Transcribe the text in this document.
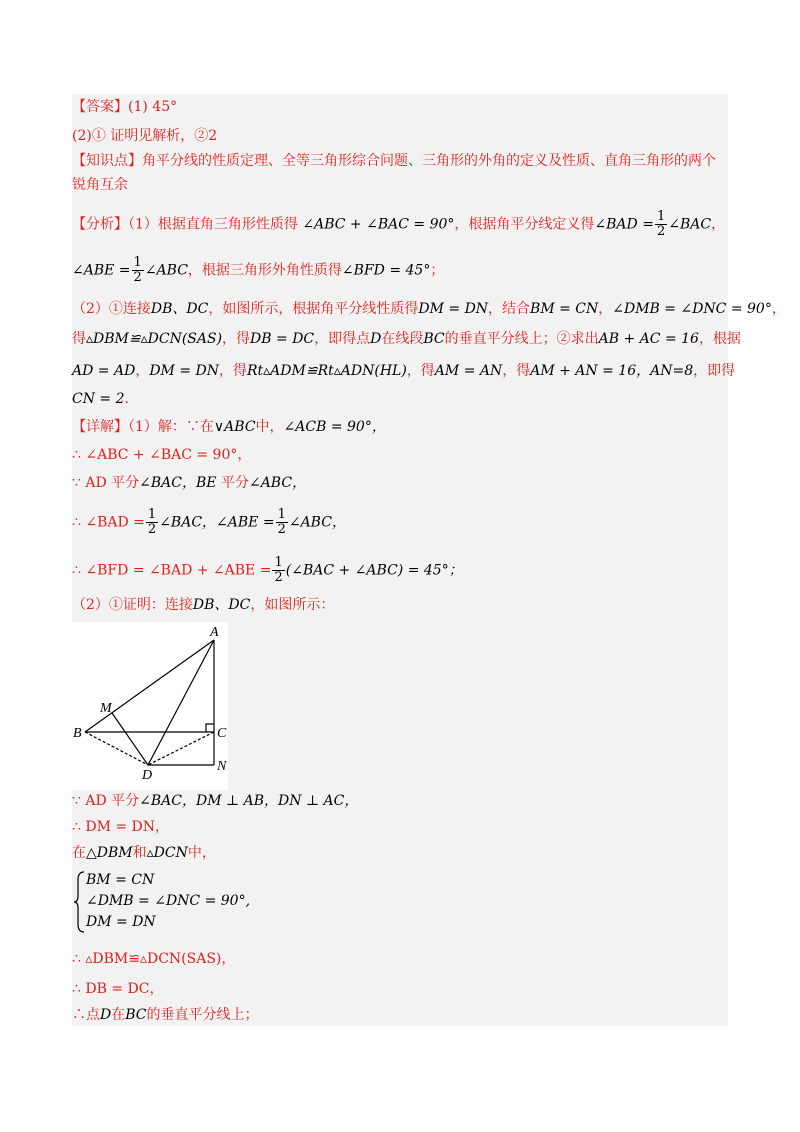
【答案】(1) 45°
(2)① 证明见解析，②2
【知识点】角平分线的性质定理、全等三角形综合问题、三角形的外角的定义及性质、直角三角形的两个
锐角互余
【分析】（1）根据直角三角形性质得 ∠ABC + ∠BAC = 90°，根据角平分线定义得∠BAD = $\frac{1}{2}$ ∠BAC，
∠ABE = $\frac{1}{2}$ ∠ABC，根据三角形外角性质得∠BFD = 45°；
（2）①连接DB、DC，如图所示，根据角平分线性质得DM = DN，结合BM = CN，∠DMB = ∠DNC = 90°，
得▵DBM≌▵DCN(SAS)，得DB = DC，即得点D在线段BC的垂直平分线上；②求出AB + AC = 16，根据
AD = AD，DM = DN，得Rt▵ADM≌Rt▵ADN(HL)，得AM = AN，得AM + AN = 16，AN=8，即得
CN = 2.
【详解】（1）解：∵在∨ABC中，∠ACB = 90°，
∴ ∠ABC + ∠BAC = 90°，
∵ AD 平分∠BAC，BE 平分∠ABC，
∴ ∠BAD = $\frac{1}{2}$ ∠BAC，∠ABE = $\frac{1}{2}$ ∠ABC，
∴ ∠BFD = ∠BAD + ∠ABE = $\frac{1}{2}$ (∠BAC + ∠ABC) = 45°；
（2）①证明：连接DB、DC，如图所示：
A
B	C
D
M
N
∵ AD 平分∠BAC，DM ⊥ AB，DN ⊥ AC，
∴ DM = DN，
在△DBM和▵DCN中，
BM = CN
∠DMB = ∠DNC = 90°,
DM = DN
∴ ▵DBM≌▵DCN(SAS)，
∴ DB = DC，
∴点D在BC的垂直平分线上；
